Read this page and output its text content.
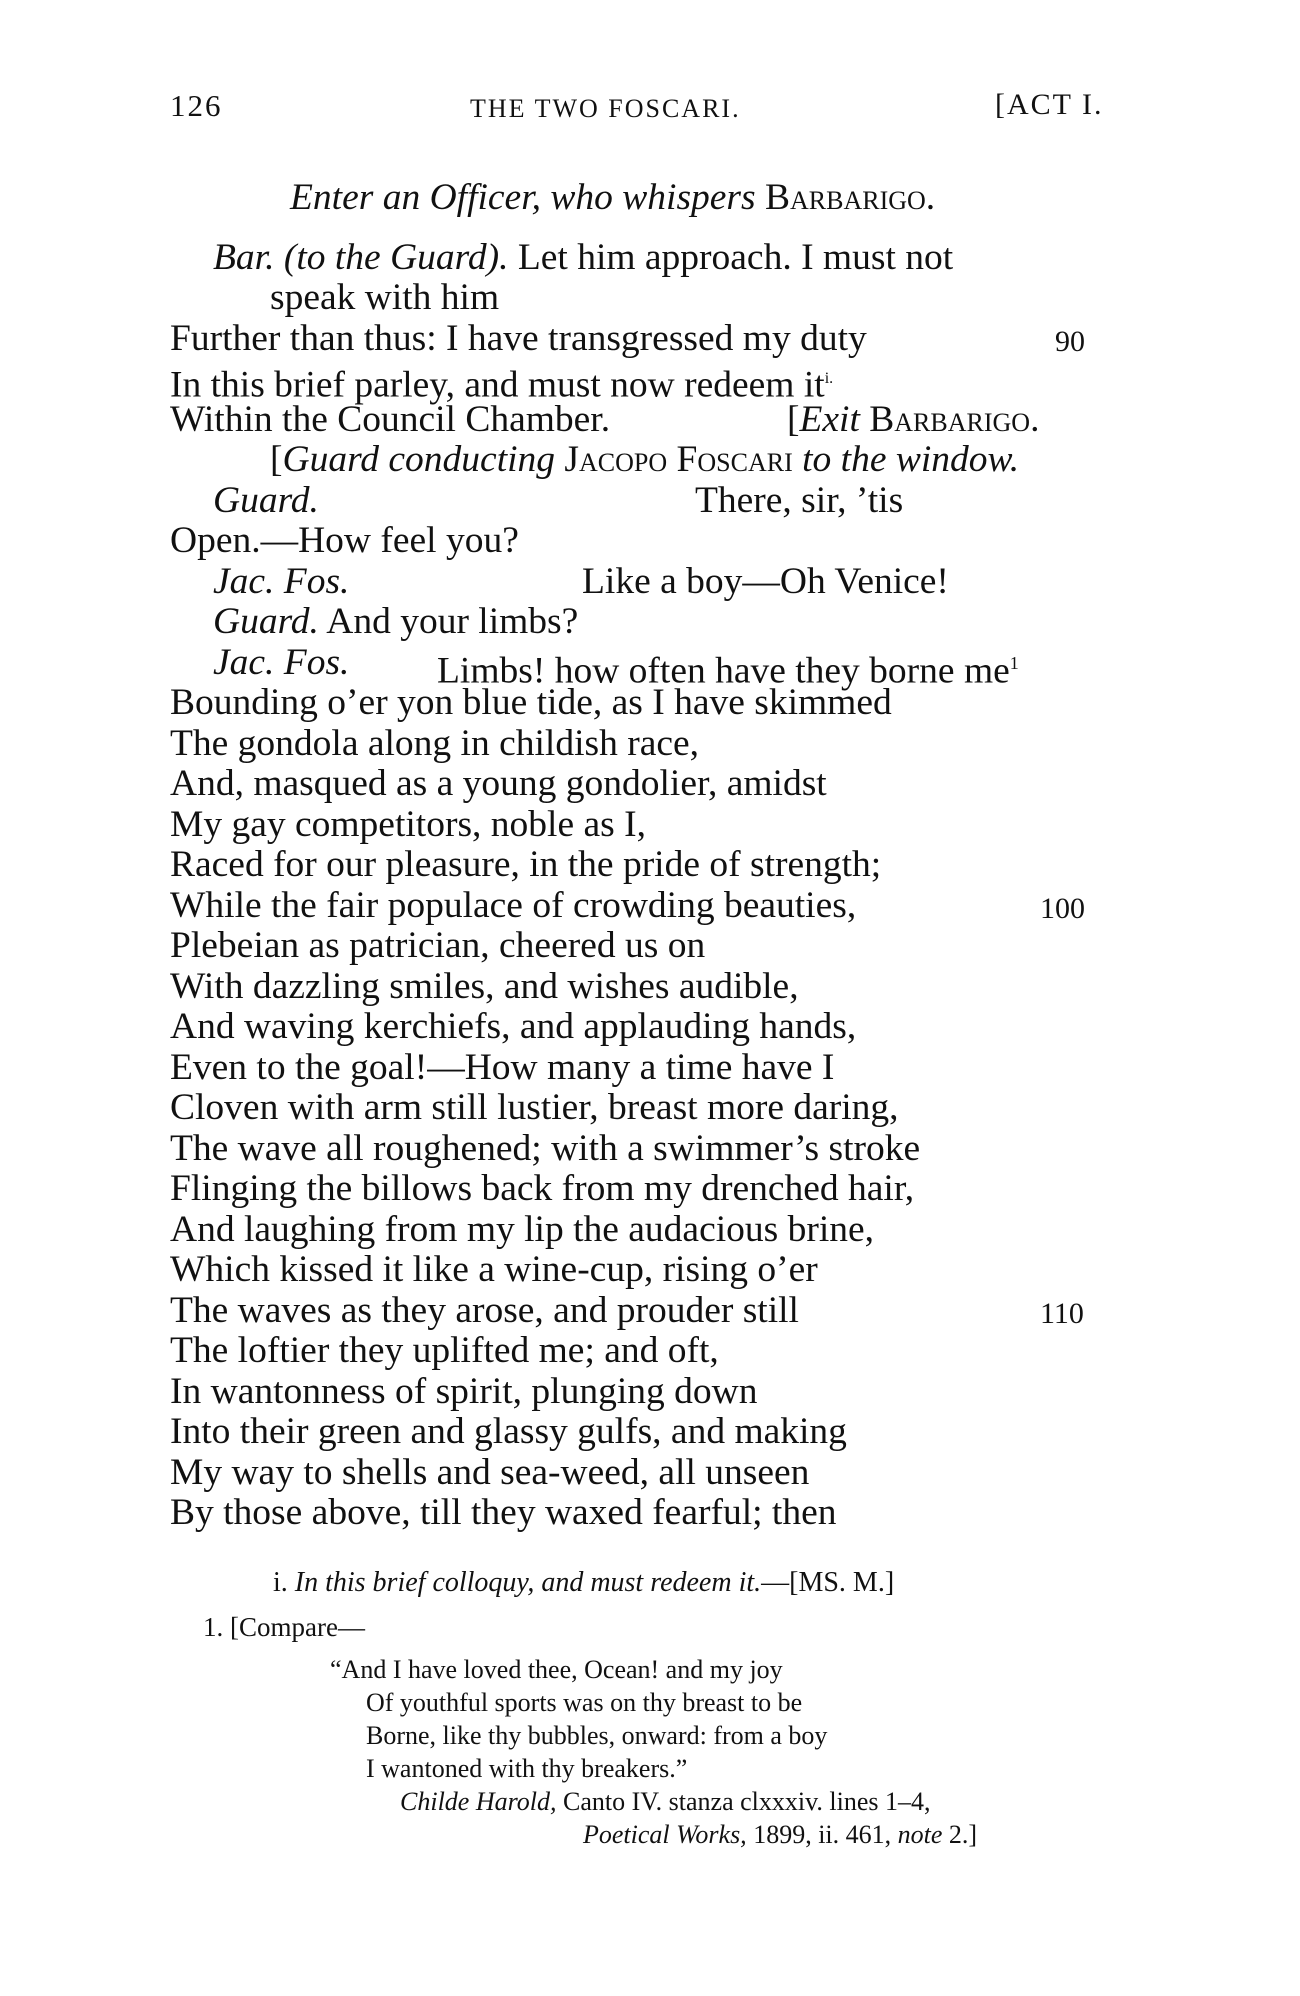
126	THE TWO FOSCARI.	[ACT I.
Enter an Officer, who whispers Barbarigo.
Bar. (to the Guard). Let him approach. I must not
speak with him
Further than thus: I have transgressed my duty	90
In this brief parley, and must now redeem $it^{i.}$
Within the Council Chamber.	[Exit Barbarigo.
[Guard conducting Jacopo Foscari to the window.
Guard.	There, sir, ’tis
Open.—How feel you?
Jac. Fos.	Like a boy—Oh Venice!
Guard. And your limbs?
Jac. Fos. Limbs! how often have they borne $me^1$
Bounding o’er yon blue tide, as I have skimmed
The gondola along in childish race,
And, masqued as a young gondolier, amidst
My gay competitors, noble as I,
Raced for our pleasure, in the pride of strength;
While the fair populace of crowding beauties,	100
Plebeian as patrician, cheered us on
With dazzling smiles, and wishes audible,
And waving kerchiefs, and applauding hands,
Even to the goal!—How many a time have I
Cloven with arm still lustier, breast more daring,
The wave all roughened; with a swimmer’s stroke
Flinging the billows back from my drenched hair,
And laughing from my lip the audacious brine,
Which kissed it like a wine-cup, rising o’er
The waves as they arose, and prouder still	110
The loftier they uplifted me; and oft,
In wantonness of spirit, plunging down
Into their green and glassy gulfs, and making
My way to shells and sea-weed, all unseen
By those above, till they waxed fearful; then
i. In this brief colloquy, and must redeem it.—[MS. M.]
1. [Compare—
“And I have loved thee, Ocean! and my joy
Of youthful sports was on thy breast to be
Borne, like thy bubbles, onward: from a boy
I wantoned with thy breakers.”
Childe Harold, Canto IV. stanza clxxxiv. lines 1–4,
Poetical Works, 1899, ii. 461, note 2.]
